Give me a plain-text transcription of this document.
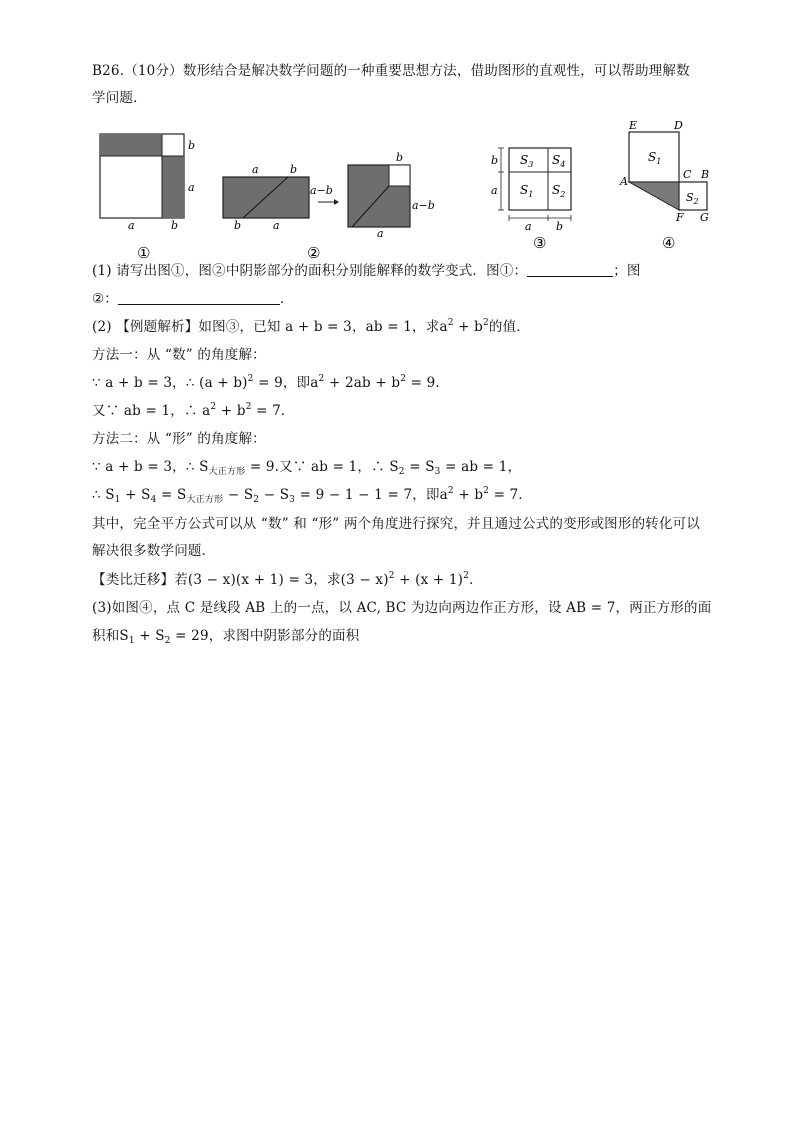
B26.（10分）数形结合是解决数学问题的一种重要思想方法，借助图形的直观性，可以帮助理解数
学问题．
b
a
a	b
①
a	b
b	a
a−b
b
a−b
a
②
$S_3$ $S_4$
$S_1$ $S_2$
b
a
a b
③
E	D
$S_1$
A
C B
$S_2$
F G
④
(1) 请写出图①，图②中阴影部分的面积分别能解释的数学变式．图①：	；图
②：	．
(2) 【例题解析】如图③，已知 a + b = 3，ab = 1，求$a^2 + b^2$的值．
方法一：从 “数” 的角度解：
∵ a + b = 3，∴ $(a + b)^2 = 9$，即$a^2 + 2ab + b^2 = 9$．
又∵ ab = 1，∴ $a^2 + b^2 = 7$．
方法二：从 “形” 的角度解：
∵ a + b = 3，∴ $S_{大正方形} = 9$.又∵ ab = 1，∴ $S_2 = S_3$ = ab = 1，
∴ $S_1 + S_4 = S_{大正方形} - S_2 - S_3 = 9 - 1 - 1 = 7$，即$a^2 + b^2 = 7$．
其中，完全平方公式可以从 “数” 和 “形” 两个角度进行探究，并且通过公式的变形或图形的转化可以解决很多数学问题．
【类比迁移】若(3 − x)(x + 1) = 3，求$(3 - x)^2 + (x + 1)^2$．
(3)如图④，点 C 是线段 AB 上的一点，以 AC, BC 为边向两边作正方形，设 AB = 7，两正方形的面
积和$S_1 + S_2 = 29$，求图中阴影部分的面积
